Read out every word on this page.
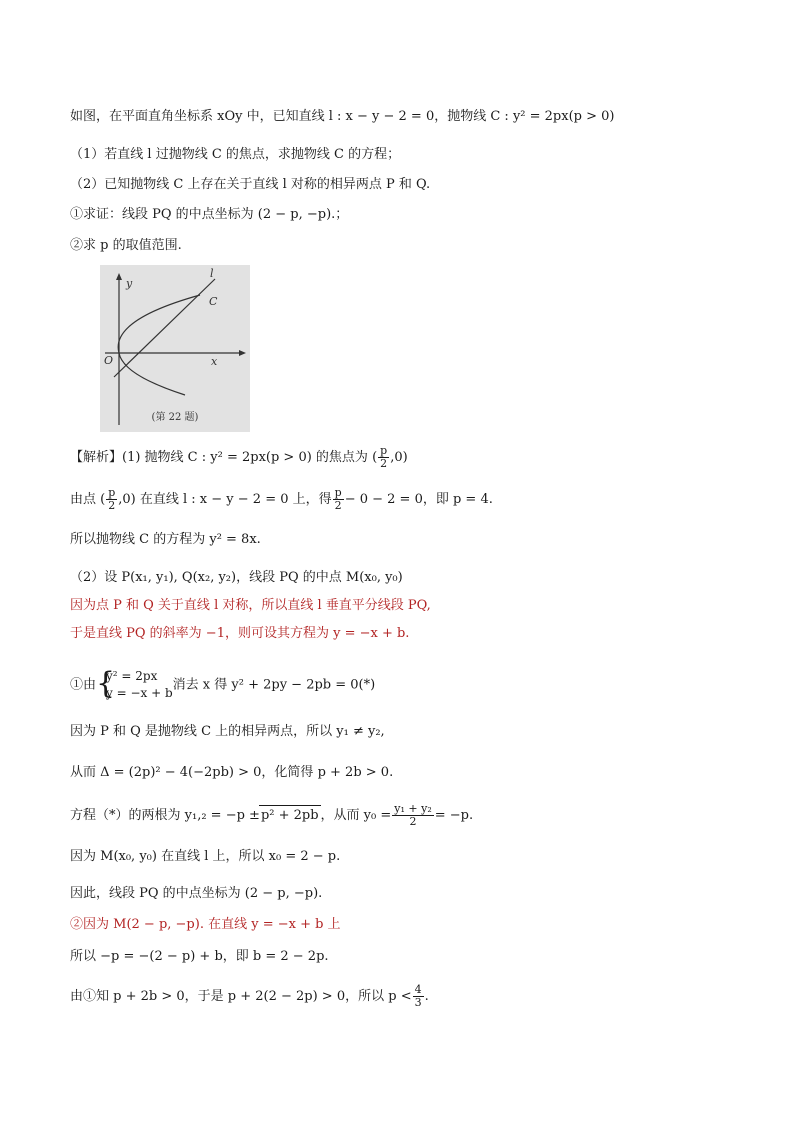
如图，在平面直角坐标系 xOy 中，已知直线 l : x − y − 2 = 0，抛物线 C : y² = 2px(p > 0)
（1）若直线 l 过抛物线 C 的焦点，求抛物线 C 的方程；
（2）已知抛物线 C 上存在关于直线 l 对称的相异两点 P 和 Q.
①求证：线段 PQ 的中点坐标为 (2 − p, −p).；
②求 p 的取值范围.
y
x
O
l
C
(第 22 题)
【解析】(1) 抛物线 C : y² = 2px(p > 0) 的焦点为 ( $\frac{p}{2} ,0$)
由点 ( $\frac{p}{2} ,0$) 在直线 l : x − y − 2 = 0 上，得 $\frac{p}{2} - 0 - 2 = 0$，即 p = 4.
所以抛物线 C 的方程为 y² = 8x.
（2）设 P(x₁, y₁), Q(x₂, y₂)，线段 PQ 的中点 M(x₀, y₀)
因为点 P 和 Q 关于直线 l 对称，所以直线 l 垂直平分线段 PQ,
于是直线 PQ 的斜率为 −1，则可设其方程为 y = −x + b.
①由 {
y² = 2px
y = −x + b
消去 x 得 y² + 2py − 2pb = 0(*)
因为 P 和 Q 是抛物线 C 上的相异两点，所以 y₁ ≠ y₂,
从而 Δ = (2p)² − 4(−2pb) > 0，化简得 p + 2b > 0.
方程（*）的两根为 y₁,₂ = −p ±p² + 2pb ，从而 $y_0 = \frac{\text{y₁ + y₂}}{2} = -p$.
因为 M(x₀, y₀) 在直线 l 上，所以 x₀ = 2 − p.
因此，线段 PQ 的中点坐标为 (2 − p, −p).
②因为 M(2 − p, −p). 在直线 y = −x + b 上
所以 −p = −(2 − p) + b，即 b = 2 − 2p.
由①知 p + 2b > 0，于是 p + 2(2 − 2p) > 0，所以 $p < \frac{4}{3}$ .
